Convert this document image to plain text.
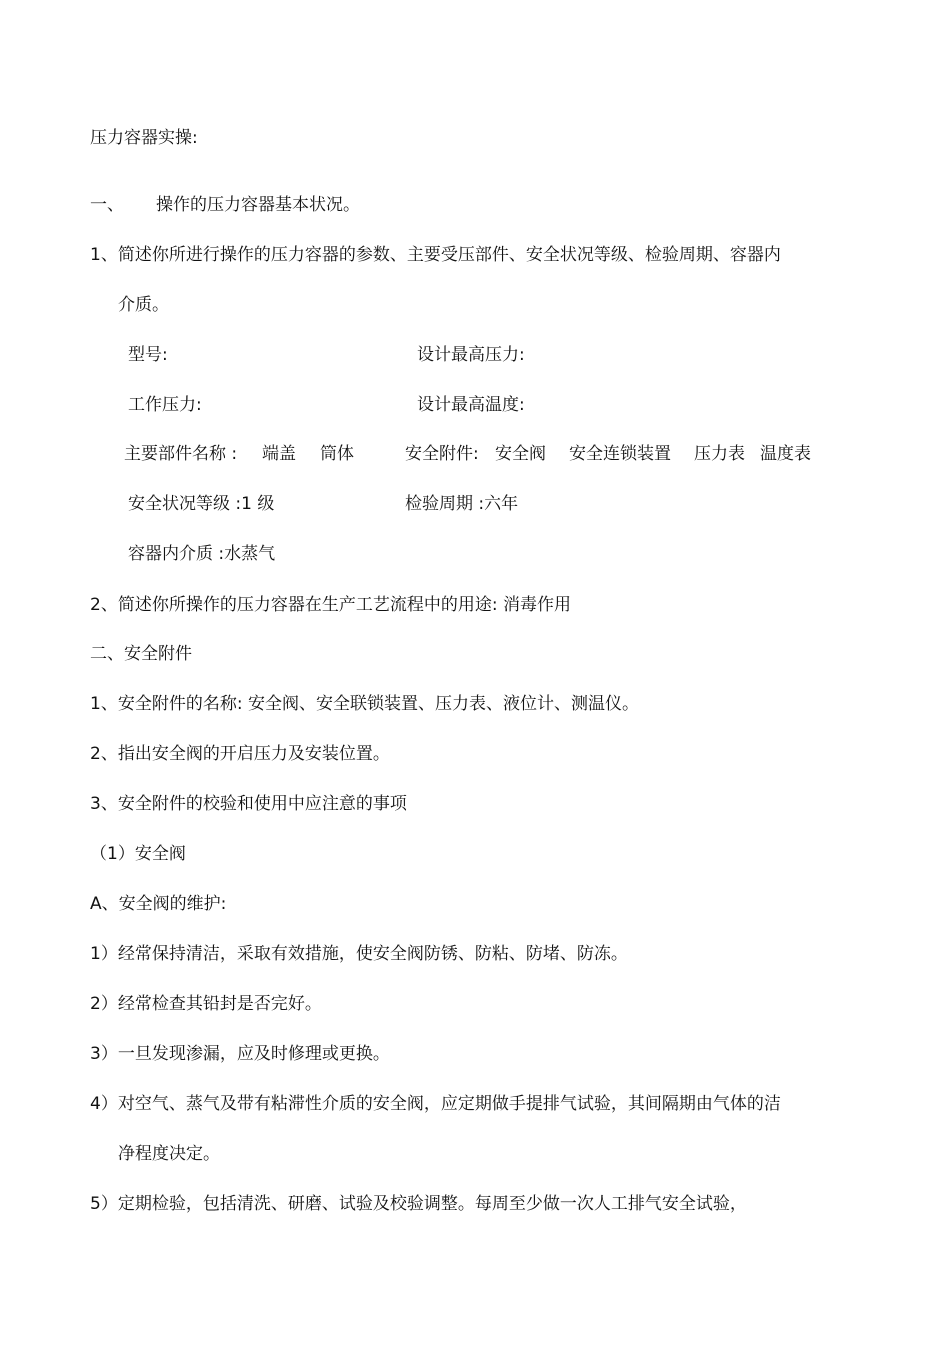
压力容器实操:
一、 操作的压力容器基本状况。
1、简述你所进行操作的压力容器的参数、主要受压部件、安全状况等级、检验周期、容器内
介质。
型号:	设计最高压力:
工作压力:	设计最高温度:
主要部件名称 : 端盖 筒体	安全附件: 安全阀 安全连锁装置 压力表 温度表
安全状况等级 :1 级	检验周期 :六年
容器内介质 :水蒸气
2、简述你所操作的压力容器在生产工艺流程中的用途: 消毒作用
二、安全附件
1、安全附件的名称: 安全阀、安全联锁装置、压力表、液位计、测温仪。
2、指出安全阀的开启压力及安装位置。
3、安全附件的校验和使用中应注意的事项
（1）安全阀
A、安全阀的维护:
1）经常保持清洁，采取有效措施，使安全阀防锈、防粘、防堵、防冻。
2）经常检查其铅封是否完好。
3）一旦发现渗漏，应及时修理或更换。
4）对空气、蒸气及带有粘滞性介质的安全阀，应定期做手提排气试验，其间隔期由气体的洁
净程度决定。
5）定期检验，包括清洗、研磨、试验及校验调整。每周至少做一次人工排气安全试验，
